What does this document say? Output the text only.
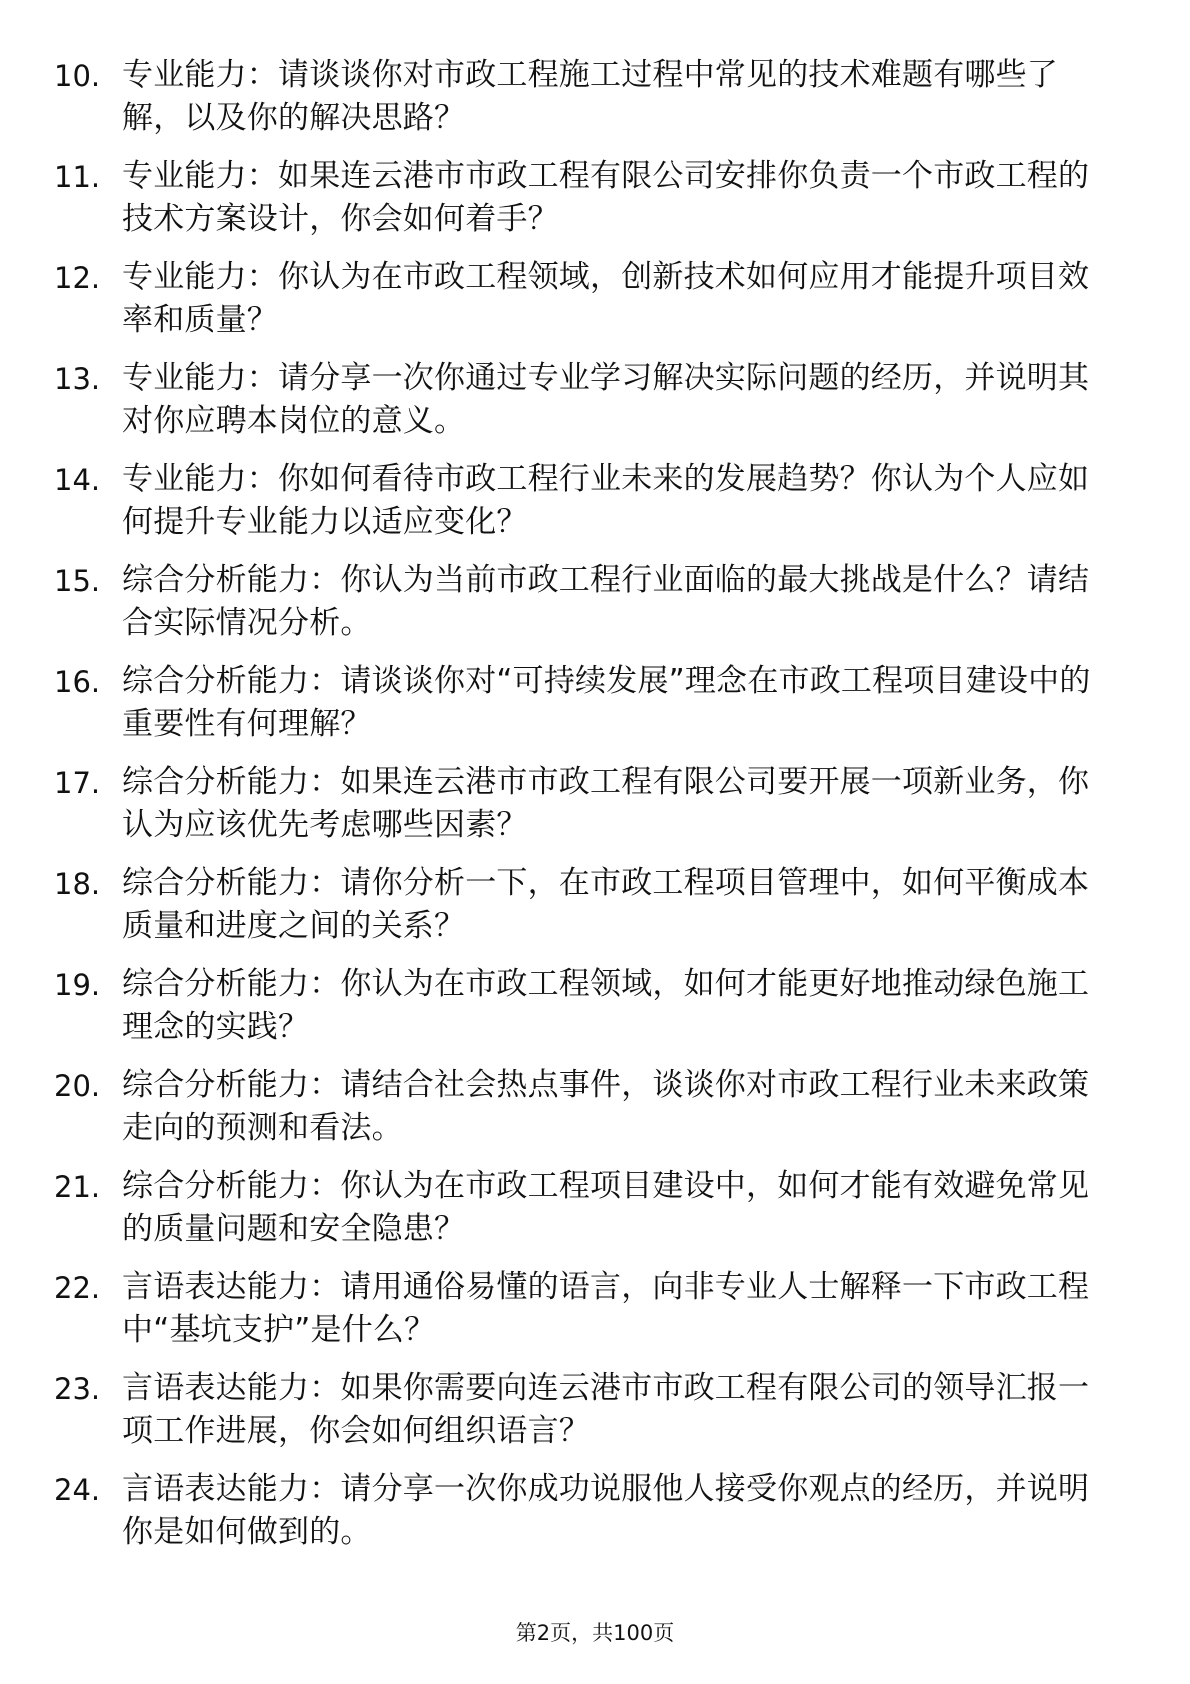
10. 专业能力：请谈谈你对市政工程施工过程中常见的技术难题有哪些了解，以及你的解决思路？
11. 专业能力：如果连云港市市政工程有限公司安排你负责一个市政工程的技术方案设计，你会如何着手？
12. 专业能力：你认为在市政工程领域，创新技术如何应用才能提升项目效率和质量？
13. 专业能力：请分享一次你通过专业学习解决实际问题的经历，并说明其对你应聘本岗位的意义。
14. 专业能力：你如何看待市政工程行业未来的发展趋势？你认为个人应如何提升专业能力以适应变化？
15. 综合分析能力：你认为当前市政工程行业面临的最大挑战是什么？请结合实际情况分析。
16. 综合分析能力：请谈谈你对“可持续发展”理念在市政工程项目建设中的重要性有何理解？
17. 综合分析能力：如果连云港市市政工程有限公司要开展一项新业务，你认为应该优先考虑哪些因素？
18. 综合分析能力：请你分析一下，在市政工程项目管理中，如何平衡成本质量和进度之间的关系？
19. 综合分析能力：你认为在市政工程领域，如何才能更好地推动绿色施工理念的实践？
20. 综合分析能力：请结合社会热点事件，谈谈你对市政工程行业未来政策走向的预测和看法。
21. 综合分析能力：你认为在市政工程项目建设中，如何才能有效避免常见的质量问题和安全隐患？
22. 言语表达能力：请用通俗易懂的语言，向非专业人士解释一下市政工程中“基坑支护”是什么？
23. 言语表达能力：如果你需要向连云港市市政工程有限公司的领导汇报一项工作进展，你会如何组织语言？
24. 言语表达能力：请分享一次你成功说服他人接受你观点的经历，并说明你是如何做到的。
第2页，共100页
